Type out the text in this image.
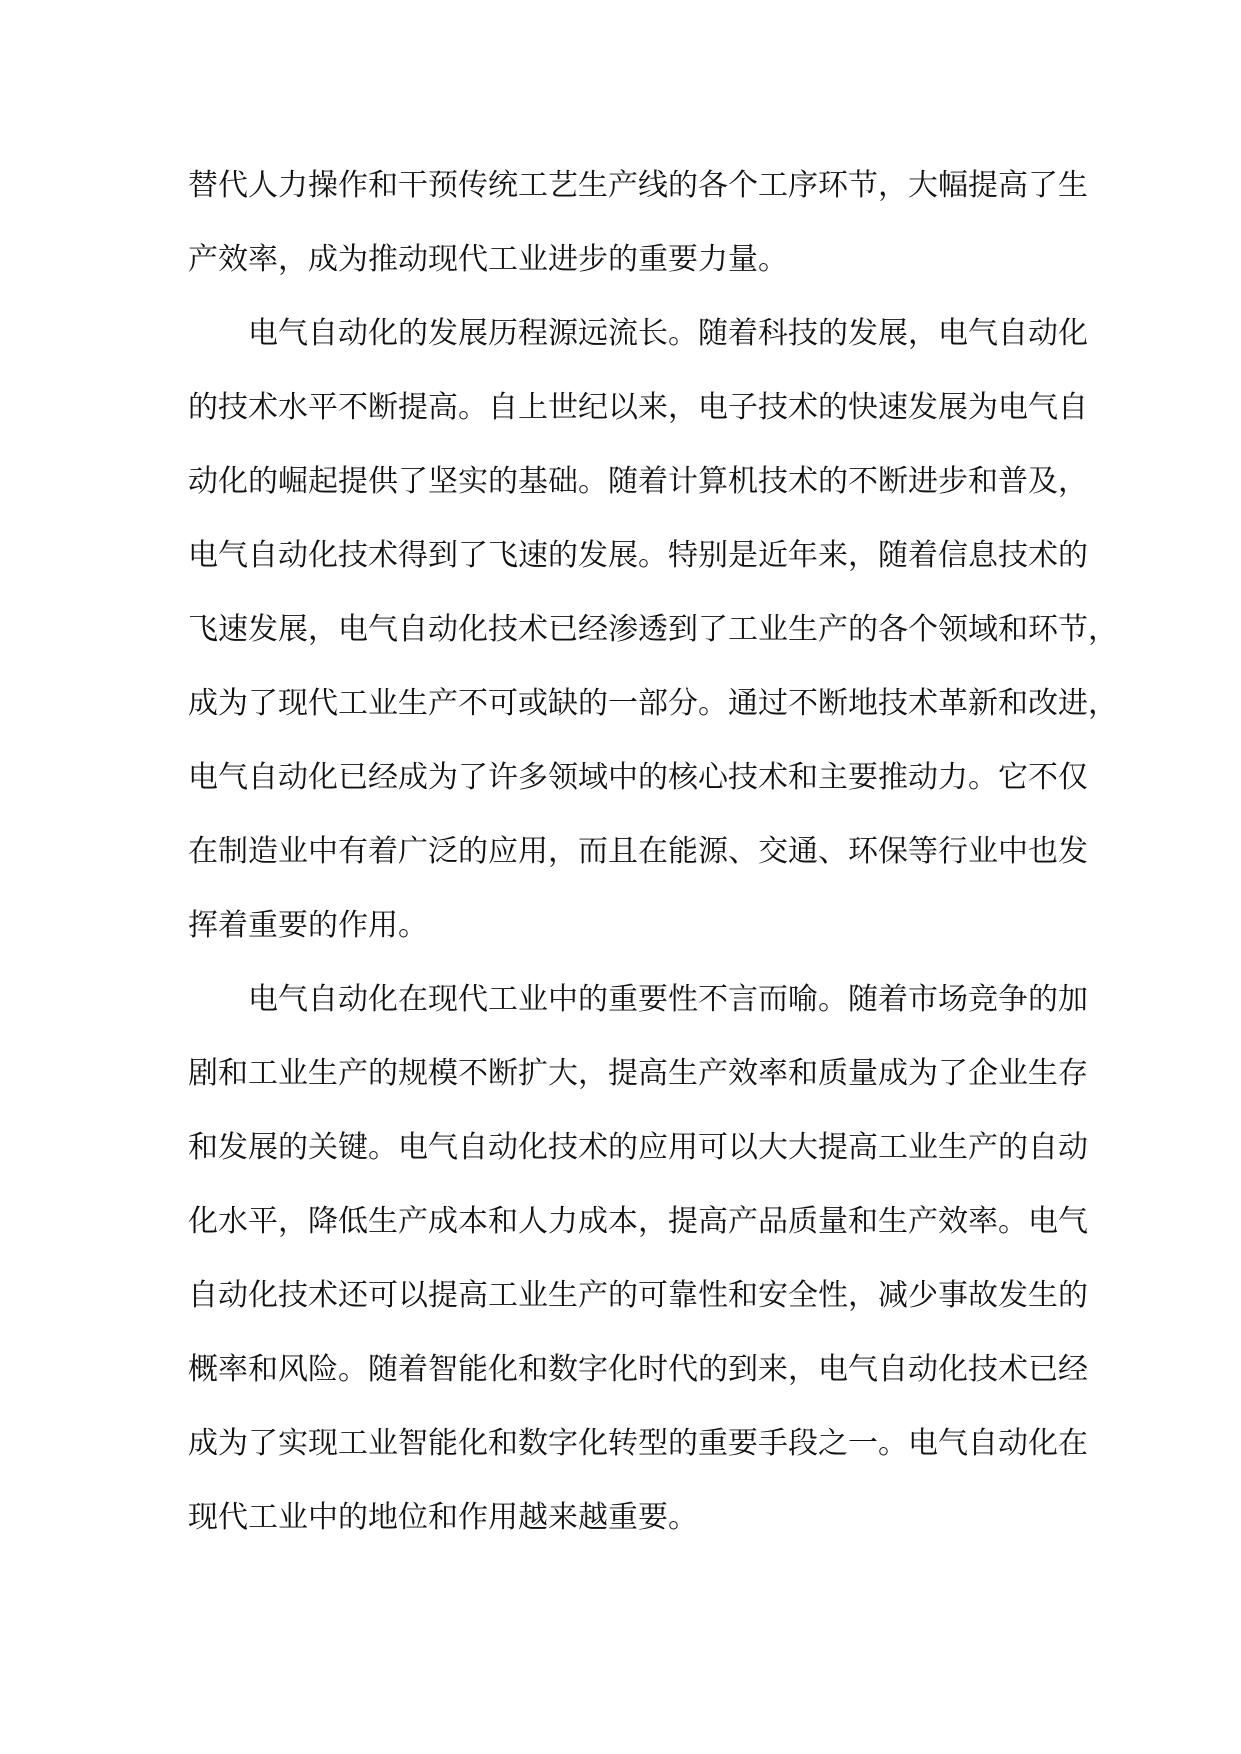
替代人力操作和干预传统工艺生产线的各个工序环节，大幅提高了生
产效率，成为推动现代工业进步的重要力量。
电气自动化的发展历程源远流长。随着科技的发展，电气自动化
的技术水平不断提高。自上世纪以来，电子技术的快速发展为电气自
动化的崛起提供了坚实的基础。随着计算机技术的不断进步和普及，
电气自动化技术得到了飞速的发展。特别是近年来，随着信息技术的
飞速发展，电气自动化技术已经渗透到了工业生产的各个领域和环节，
成为了现代工业生产不可或缺的一部分。通过不断地技术革新和改进，
电气自动化已经成为了许多领域中的核心技术和主要推动力。它不仅
在制造业中有着广泛的应用，而且在能源、交通、环保等行业中也发
挥着重要的作用。
电气自动化在现代工业中的重要性不言而喻。随着市场竞争的加
剧和工业生产的规模不断扩大，提高生产效率和质量成为了企业生存
和发展的关键。电气自动化技术的应用可以大大提高工业生产的自动
化水平，降低生产成本和人力成本，提高产品质量和生产效率。电气
自动化技术还可以提高工业生产的可靠性和安全性，减少事故发生的
概率和风险。随着智能化和数字化时代的到来，电气自动化技术已经
成为了实现工业智能化和数字化转型的重要手段之一。电气自动化在
现代工业中的地位和作用越来越重要。
